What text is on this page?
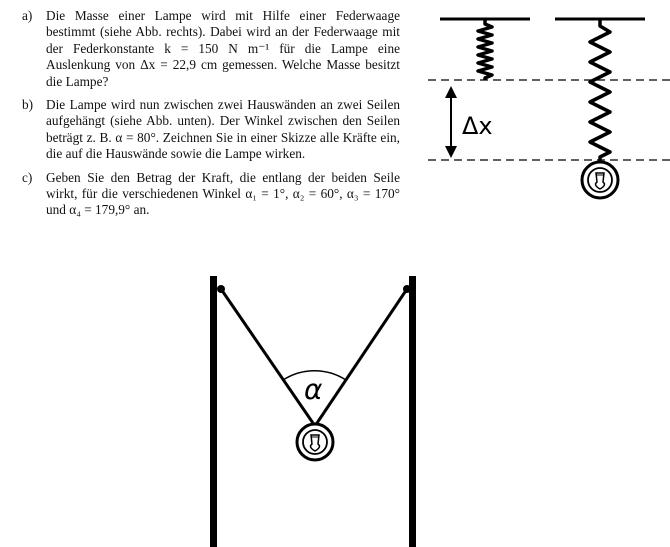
a)	Die Masse einer Lampe wird mit Hilfe einer Federwaage bestimmt (siehe Abb. rechts). Dabei wird an der Federwaage mit der Federkonstante k = 150 N m⁻¹ für die Lampe eine Auslenkung von Δx = 22,9 cm gemessen. Welche Masse besitzt die Lampe?
b) Die Lampe wird nun zwischen zwei Hauswänden an zwei Seilen aufgehängt (siehe Abb. unten). Der Winkel zwischen den Seilen beträgt z. B. α = 80°. Zeichnen Sie in einer Skizze alle Kräfte ein, die auf die Hauswände sowie die Lampe wirken.
c)	Geben Sie den Betrag der Kraft, die entlang der beiden Seile wirkt, für die verschiedenen Winkel α₁ = 1°, α₂ = 60°, α₃ = 170° und α₄ = 179,9° an.
Δx
α
